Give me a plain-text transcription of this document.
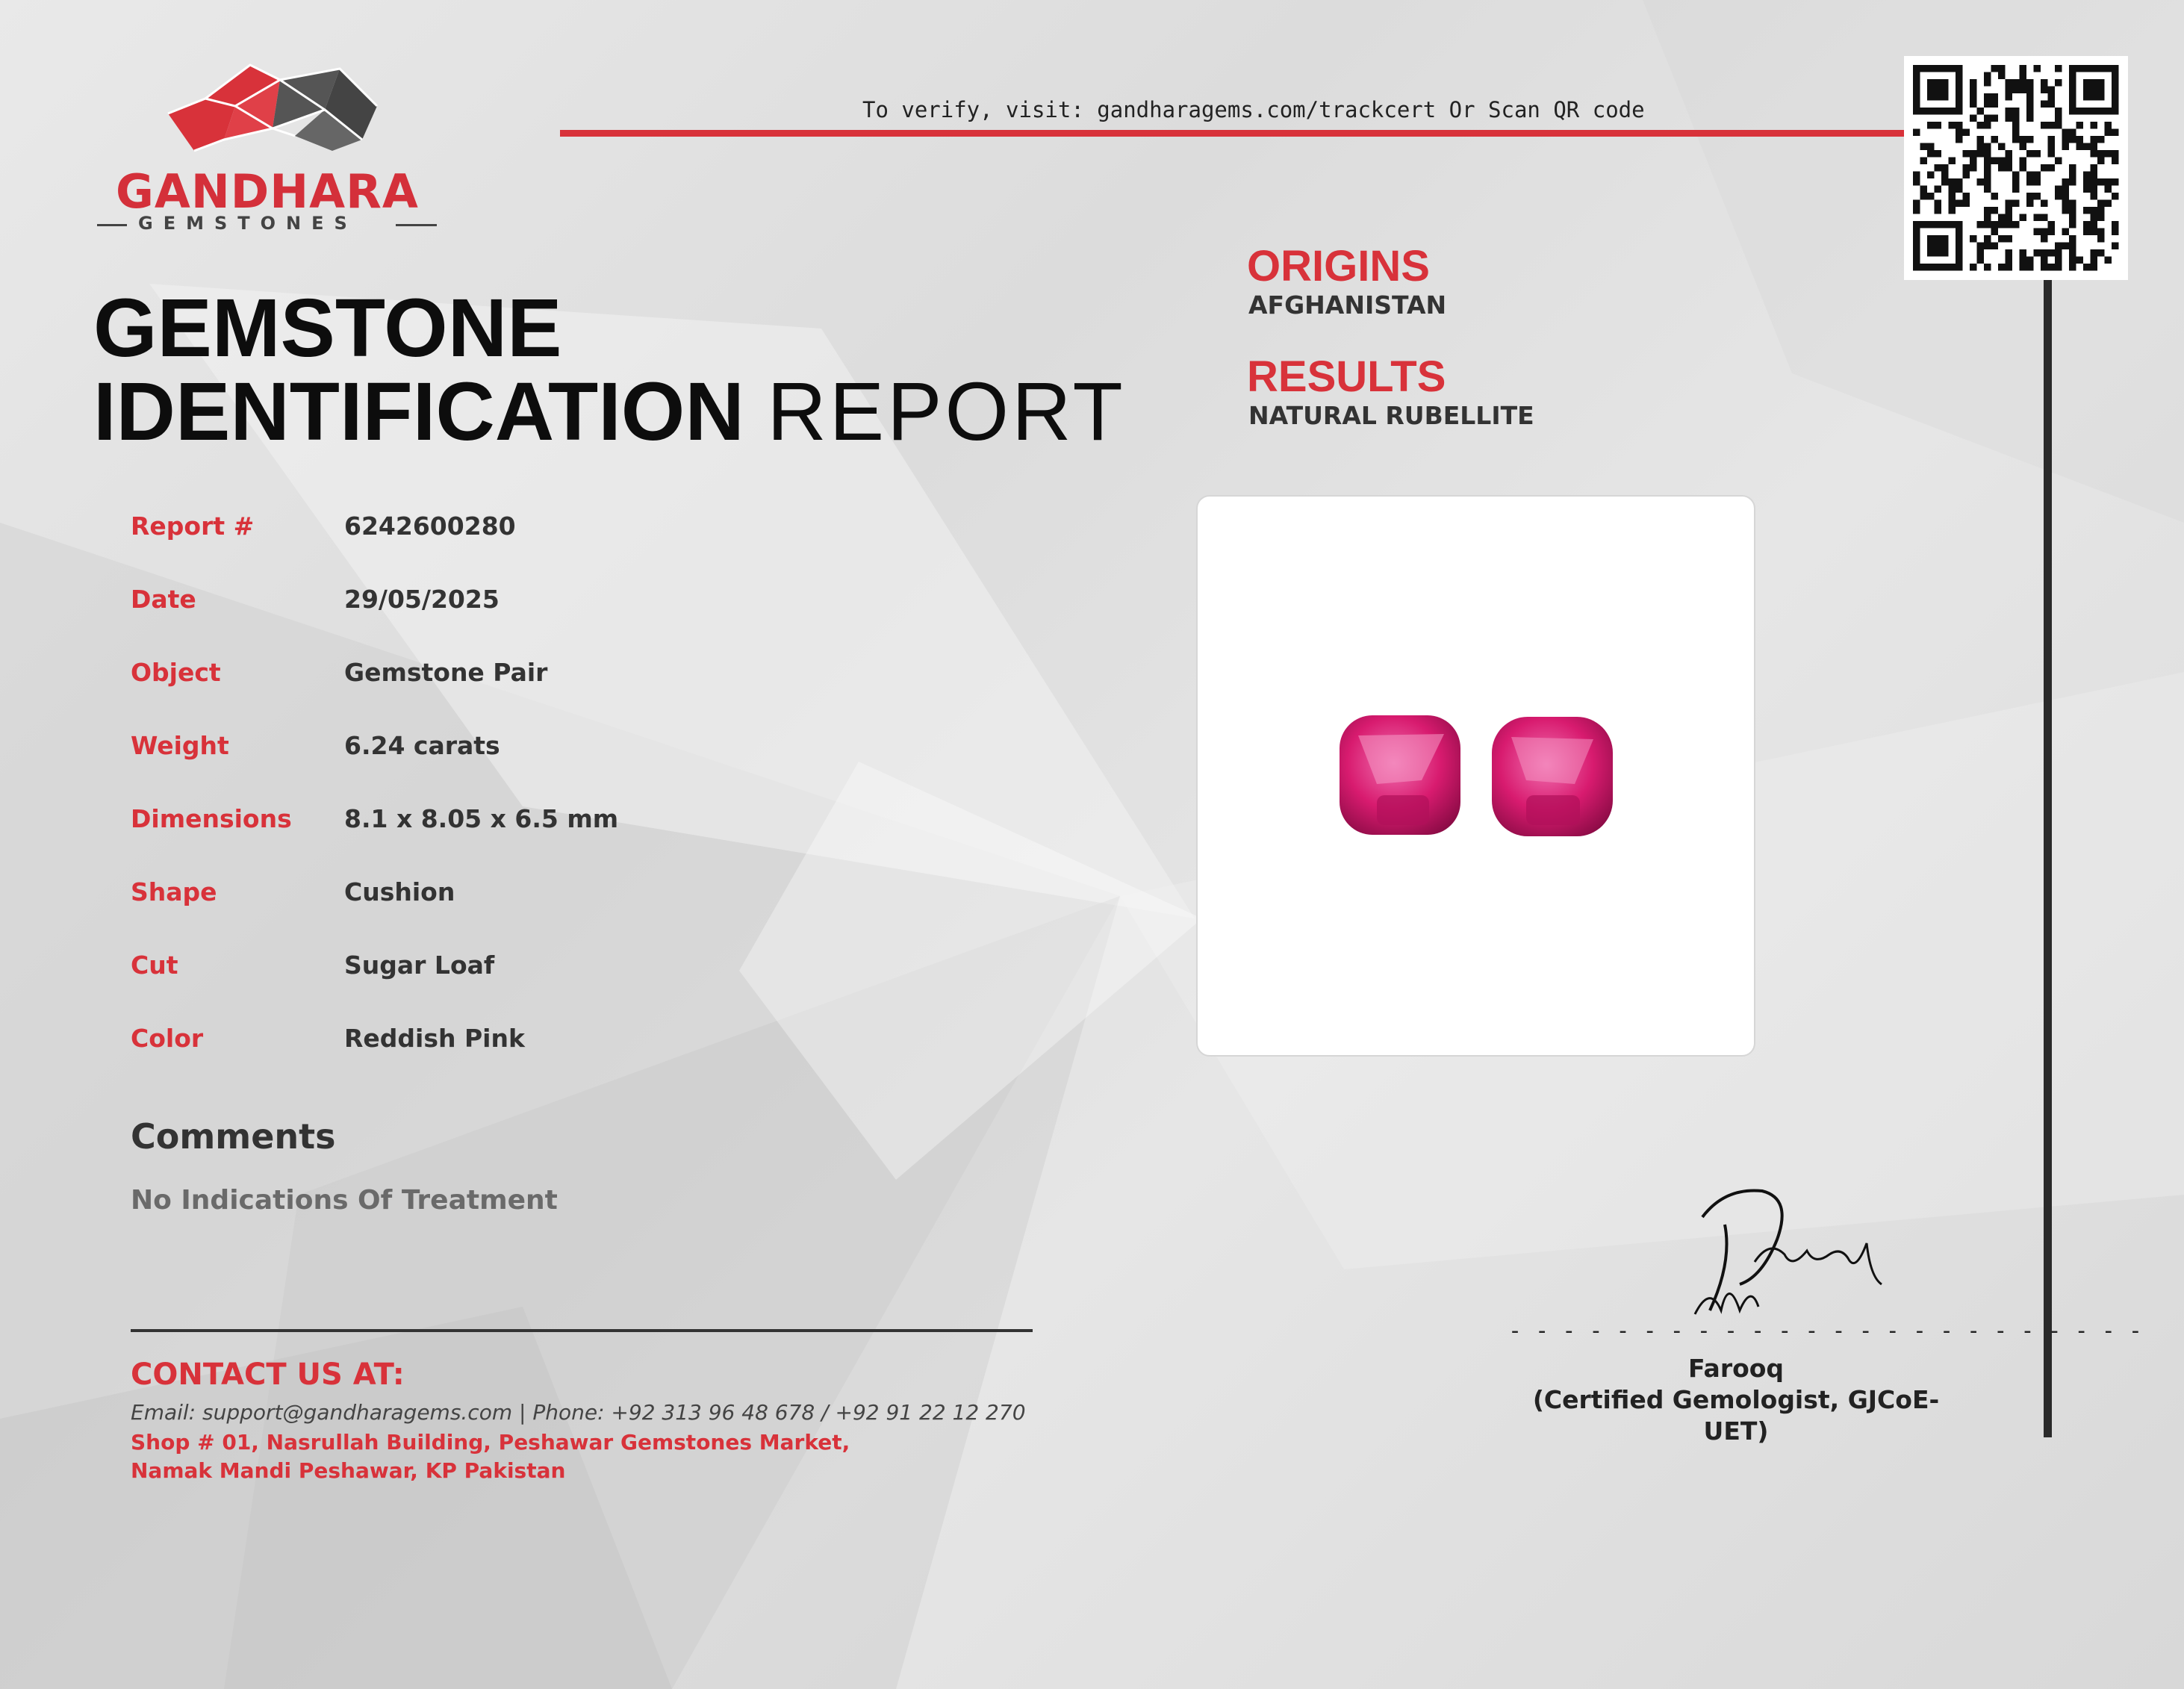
GANDHARA
GEMSTONES
To verify, visit: gandharagems.com/trackcert Or Scan QR code
GEMSTONE
IDENTIFICATION REPORT
ORIGINS
AFGHANISTAN
RESULTS
NATURAL RUBELLITE
Report #	6242600280
Date	29/05/2025
Object	Gemstone Pair
Weight	6.24 carats
Dimensions 8.1 x 8.05 x 6.5 mm
Shape	Cushion
Cut	Sugar Loaf
Color	Reddish Pink
Comments
No Indications Of Treatment
CONTACT US AT:
Email: support@gandharagems.com | Phone: +92 313 96 48 678 / +92 91 22 12 270
Shop # 01, Nasrullah Building, Peshawar Gemstones Market,
Namak Mandi Peshawar, KP Pakistan
- - - - - - - - - - - - - - - - - - - - - - - -
Farooq
(Certified Gemologist, GJCoE-UET)
